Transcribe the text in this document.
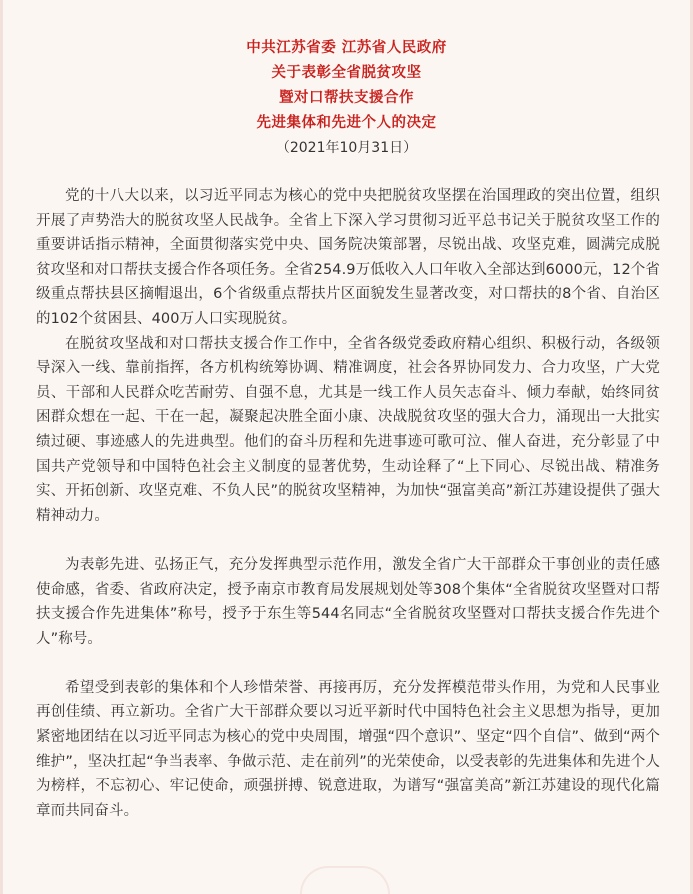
中共江苏省委 江苏省人民政府
关于表彰全省脱贫攻坚
暨对口帮扶支援合作
先进集体和先进个人的决定
（2021年10月31日）

党的十八大以来，以习近平同志为核心的党中央把脱贫攻坚摆在治国理政的突出位置，组织开展了声势浩大的脱贫攻坚人民战争。全省上下深入学习贯彻习近平总书记关于脱贫攻坚工作的重要讲话指示精神，全面贯彻落实党中央、国务院决策部署，尽锐出战、攻坚克难，圆满完成脱贫攻坚和对口帮扶支援合作各项任务。全省254.9万低收入人口年收入全部达到6000元，12个省级重点帮扶县区摘帽退出，6个省级重点帮扶片区面貌发生显著改变，对口帮扶的8个省、自治区的102个贫困县、400万人口实现脱贫。

在脱贫攻坚战和对口帮扶支援合作工作中，全省各级党委政府精心组织、积极行动，各级领导深入一线、靠前指挥，各方机构统筹协调、精准调度，社会各界协同发力、合力攻坚，广大党员、干部和人民群众吃苦耐劳、自强不息，尤其是一线工作人员矢志奋斗、倾力奉献，始终同贫困群众想在一起、干在一起，凝聚起决胜全面小康、决战脱贫攻坚的强大合力，涌现出一大批实绩过硬、事迹感人的先进典型。他们的奋斗历程和先进事迹可歌可泣、催人奋进，充分彰显了中国共产党领导和中国特色社会主义制度的显著优势，生动诠释了“上下同心、尽锐出战、精准务实、开拓创新、攻坚克难、不负人民”的脱贫攻坚精神，为加快“强富美高”新江苏建设提供了强大精神动力。

为表彰先进、弘扬正气，充分发挥典型示范作用，激发全省广大干部群众干事创业的责任感使命感，省委、省政府决定，授予南京市教育局发展规划处等308个集体“全省脱贫攻坚暨对口帮扶支援合作先进集体”称号，授予于东生等544名同志“全省脱贫攻坚暨对口帮扶支援合作先进个人”称号。

希望受到表彰的集体和个人珍惜荣誉、再接再厉，充分发挥模范带头作用，为党和人民事业再创佳绩、再立新功。全省广大干部群众要以习近平新时代中国特色社会主义思想为指导，更加紧密地团结在以习近平同志为核心的党中央周围，增强“四个意识”、坚定“四个自信”、做到“两个维护”，坚决扛起“争当表率、争做示范、走在前列”的光荣使命，以受表彰的先进集体和先进个人为榜样，不忘初心、牢记使命，顽强拼搏、锐意进取，为谱写“强富美高”新江苏建设的现代化篇章而共同奋斗。
